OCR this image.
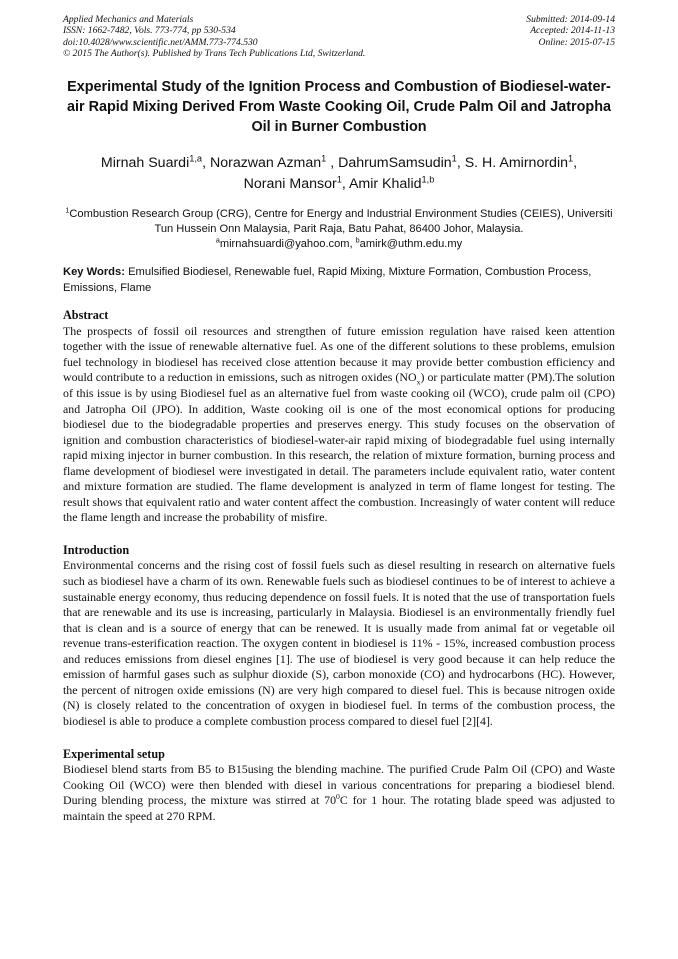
Applied Mechanics and Materials
ISSN: 1662-7482, Vols. 773-774, pp 530-534
doi:10.4028/www.scientific.net/AMM.773-774.530
© 2015 The Author(s). Published by Trans Tech Publications Ltd, Switzerland.
Submitted: 2014-09-14
Accepted: 2014-11-13
Online: 2015-07-15
Experimental Study of the Ignition Process and Combustion of Biodiesel-water-air Rapid Mixing Derived From Waste Cooking Oil, Crude Palm Oil and Jatropha Oil in Burner Combustion
Mirnah Suardi$^{1,a}$, Norazwan Azman$^1$ , DahrumSamsudin$^1$, S. H. Amirnordin$^1$,
Norani Mansor$^1$, Amir Khalid$^{1,b}$
$^1$Combustion Research Group (CRG), Centre for Energy and Industrial Environment Studies (CEIES), Universiti Tun Hussein Onn Malaysia, Parit Raja, Batu Pahat, 86400 Johor, Malaysia.
$^a$mirnahsuardi@yahoo.com, $^b$amirk@uthm.edu.my
Key Words: Emulsified Biodiesel, Renewable fuel, Rapid Mixing, Mixture Formation, Combustion Process, Emissions, Flame
Abstract
The prospects of fossil oil resources and strengthen of future emission regulation have raised keen attention together with the issue of renewable alternative fuel. As one of the different solutions to these problems, emulsion fuel technology in biodiesel has received close attention because it may provide better combustion efficiency and would contribute to a reduction in emissions, such as nitrogen oxides $(NO_x)$ or particulate matter (PM).The solution of this issue is by using Biodiesel fuel as an alternative fuel from waste cooking oil (WCO), crude palm oil (CPO) and Jatropha Oil (JPO). In addition, Waste cooking oil is one of the most economical options for producing biodiesel due to the biodegradable properties and preserves energy. This study focuses on the observation of ignition and combustion characteristics of biodiesel-water-air rapid mixing of biodegradable fuel using internally rapid mixing injector in burner combustion. In this research, the relation of mixture formation, burning process and flame development of biodiesel were investigated in detail. The parameters include equivalent ratio, water content and mixture formation are studied. The flame development is analyzed in term of flame longest for testing. The result shows that equivalent ratio and water content affect the combustion. Increasingly of water content will reduce the flame length and increase the probability of misfire.
Introduction
Environmental concerns and the rising cost of fossil fuels such as diesel resulting in research on alternative fuels such as biodiesel have a charm of its own. Renewable fuels such as biodiesel continues to be of interest to achieve a sustainable energy economy, thus reducing dependence on fossil fuels. It is noted that the use of transportation fuels that are renewable and its use is increasing, particularly in Malaysia. Biodiesel is an environmentally friendly fuel that is clean and is a source of energy that can be renewed. It is usually made from animal fat or vegetable oil revenue trans-esterification reaction. The oxygen content in biodiesel is 11% - 15%, increased combustion process and reduces emissions from diesel engines [1]. The use of biodiesel is very good because it can help reduce the emission of harmful gases such as sulphur dioxide (S), carbon monoxide (CO) and hydrocarbons (HC). However, the percent of nitrogen oxide emissions (N) are very high compared to diesel fuel. This is because nitrogen oxide (N) is closely related to the concentration of oxygen in biodiesel fuel. In terms of the combustion process, the biodiesel is able to produce a complete combustion process compared to diesel fuel [2][4].
Experimental setup
Biodiesel blend starts from B5 to B15using the blending machine. The purified Crude Palm Oil (CPO) and Waste Cooking Oil (WCO) were then blended with diesel in various concentrations for preparing a biodiesel blend. During blending process, the mixture was stirred at $70^0C$ for 1 hour. The rotating blade speed was adjusted to maintain the speed at 270 RPM.
